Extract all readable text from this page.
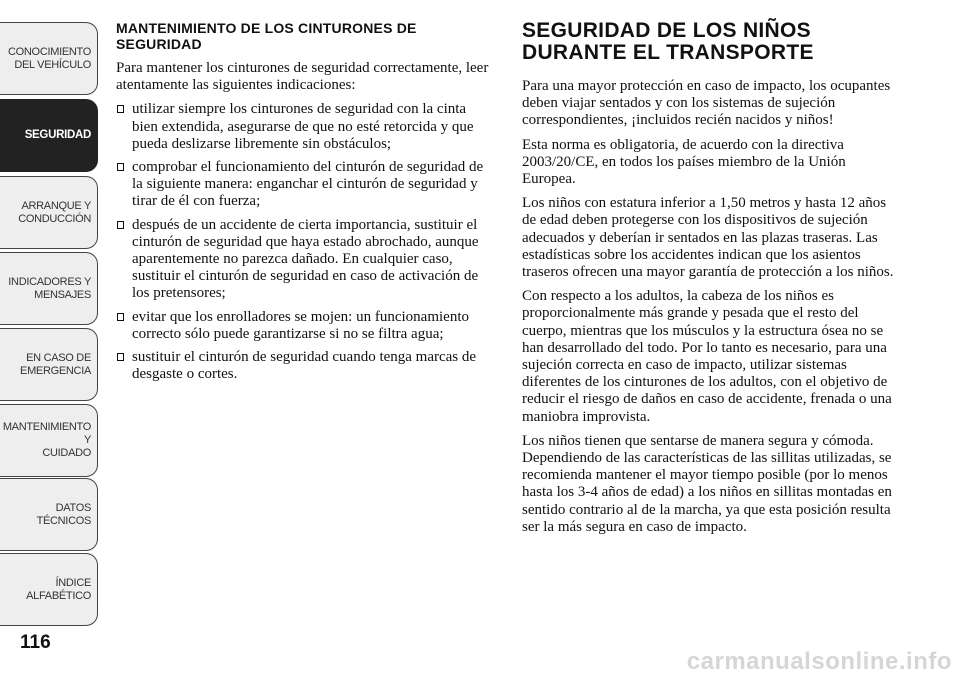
CONOCIMIENTO
DEL VEHÍCULO
SEGURIDAD
ARRANQUE Y
CONDUCCIÓN
INDICADORES Y
MENSAJES
EN CASO DE
EMERGENCIA
MANTENIMIENTO Y
CUIDADO
DATOS TÉCNICOS
ÍNDICE ALFABÉTICO
116
MANTENIMIENTO DE LOS CINTURONES DE SEGURIDAD

Para mantener los cinturones de seguridad correctamente, leer atentamente las siguientes indicaciones:

utilizar siempre los cinturones de seguridad con la cinta bien extendida, asegurarse de que no esté retorcida y que pueda deslizarse libremente sin obstáculos;
comprobar el funcionamiento del cinturón de seguridad de la siguiente manera: enganchar el cinturón de seguridad y tirar de él con fuerza;
después de un accidente de cierta importancia, sustituir el cinturón de seguridad que haya estado abrochado, aunque aparentemente no parezca dañado. En cualquier caso, sustituir el cinturón de seguridad en caso de activación de los pretensores;
evitar que los enrolladores se mojen: un funcionamiento correcto sólo puede garantizarse si no se filtra agua;
sustituir el cinturón de seguridad cuando tenga marcas de desgaste o cortes.
SEGURIDAD DE LOS NIÑOS DURANTE EL TRANSPORTE

Para una mayor protección en caso de impacto, los ocupantes deben viajar sentados y con los sistemas de sujeción correspondientes, ¡incluidos recién nacidos y niños!

Esta norma es obligatoria, de acuerdo con la directiva 2003/20/CE, en todos los países miembro de la Unión Europea.

Los niños con estatura inferior a 1,50 metros y hasta 12 años de edad deben protegerse con los dispositivos de sujeción adecuados y deberían ir sentados en las plazas traseras. Las estadísticas sobre los accidentes indican que los asientos traseros ofrecen una mayor garantía de protección a los niños.

Con respecto a los adultos, la cabeza de los niños es proporcionalmente más grande y pesada que el resto del cuerpo, mientras que los músculos y la estructura ósea no se han desarrollado del todo. Por lo tanto es necesario, para una sujeción correcta en caso de impacto, utilizar sistemas diferentes de los cinturones de los adultos, con el objetivo de reducir el riesgo de daños en caso de accidente, frenada o una maniobra improvista.

Los niños tienen que sentarse de manera segura y cómoda. Dependiendo de las características de las sillitas utilizadas, se recomienda mantener el mayor tiempo posible (por lo menos hasta los 3-4 años de edad) a los niños en sillitas montadas en sentido contrario al de la marcha, ya que esta posición resulta ser la más segura en caso de impacto.

carmanualsonline.info
